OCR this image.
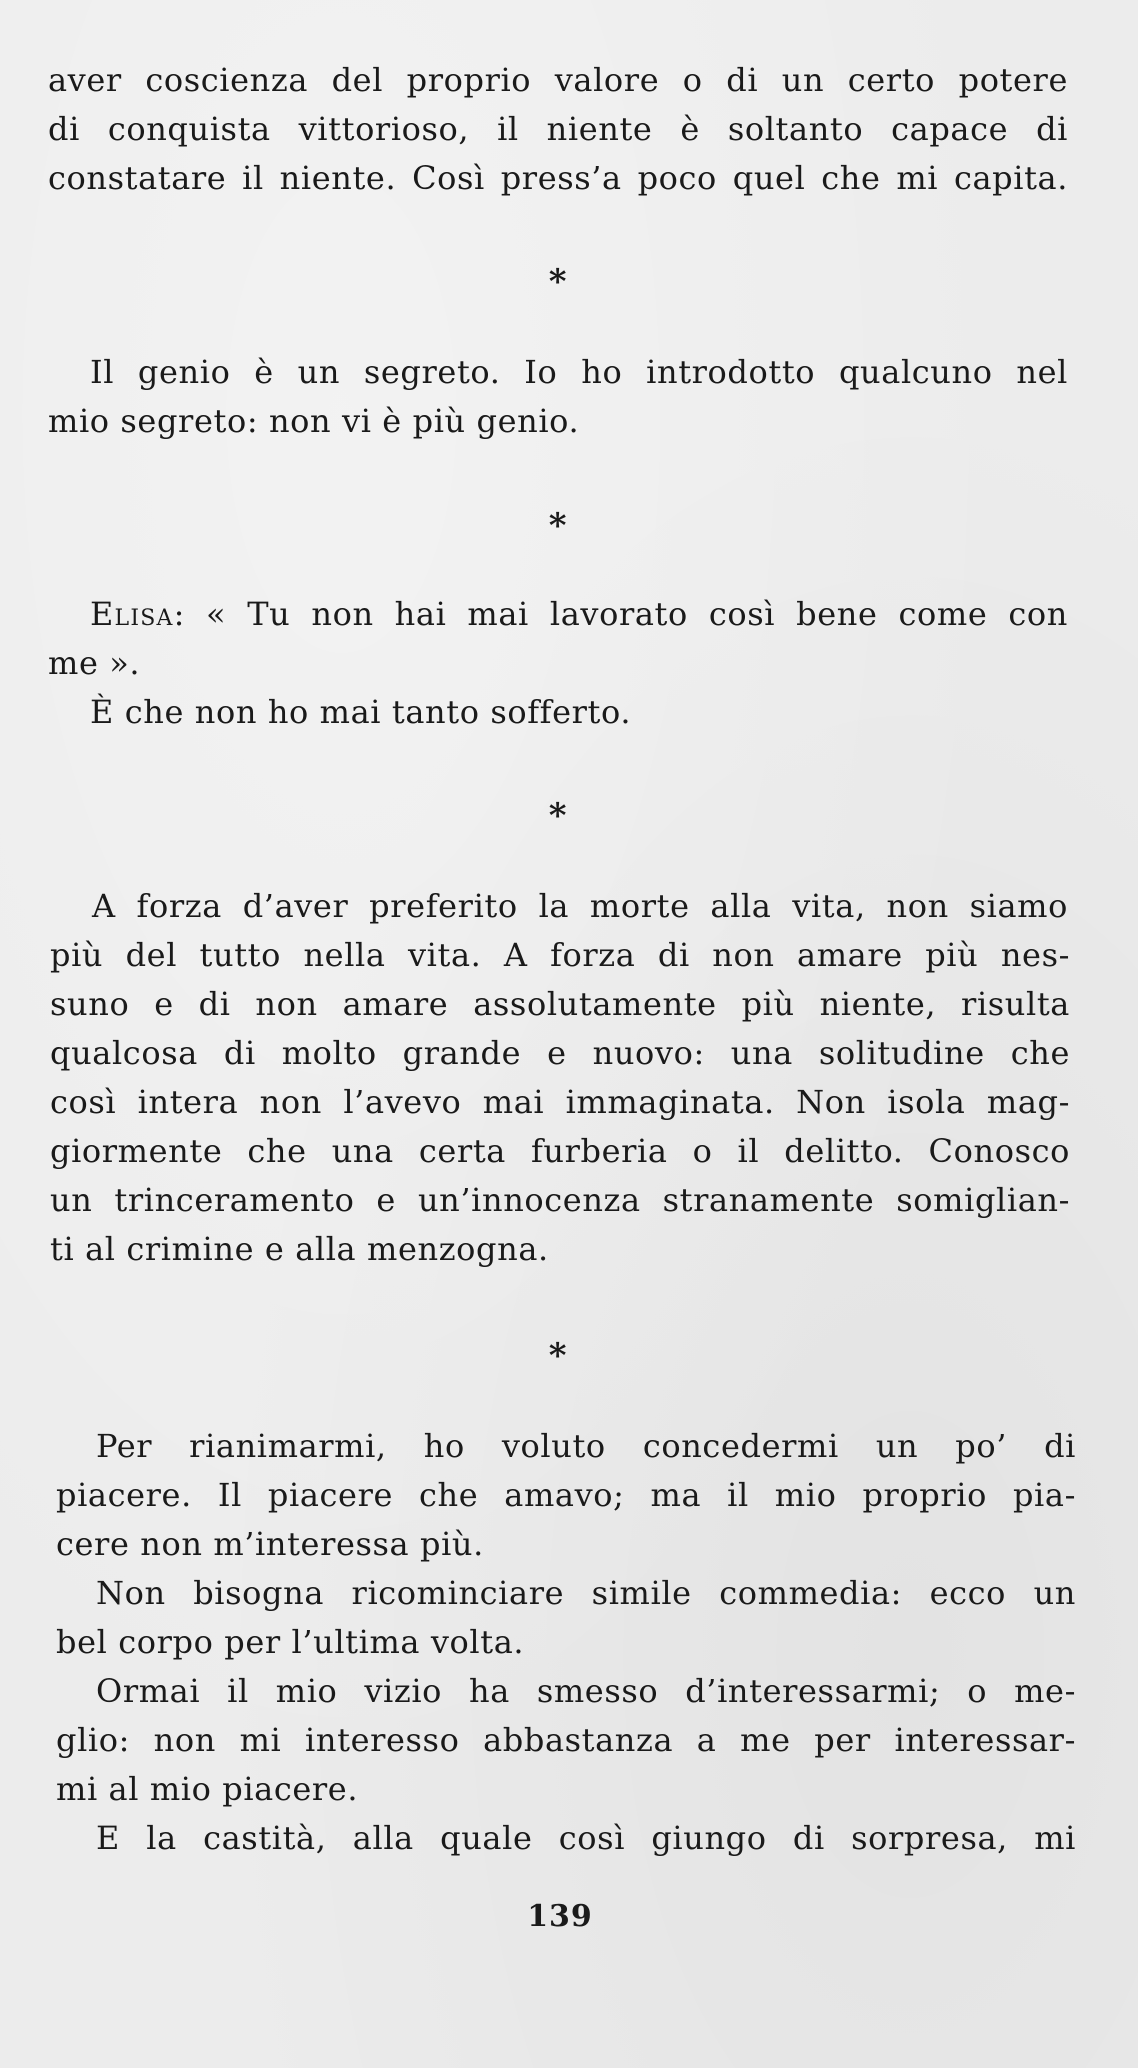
aver coscienza del proprio valore o di un certo potere
di conquista vittorioso, il niente è soltanto capace di
constatare il niente. Così press’a poco quel che mi capita.
*
Il genio è un segreto. Io ho introdotto qualcuno nel
mio segreto: non vi è più genio.
*
Elisa : « Tu non hai mai lavorato così bene come con
me ».
È che non ho mai tanto sofferto.
*
A forza d’aver preferito la morte alla vita, non siamo
più del tutto nella vita. A forza di non amare più nes-
suno e di non amare assolutamente più niente, risulta
qualcosa di molto grande e nuovo: una solitudine che
così intera non l’avevo mai immaginata. Non isola mag-
giormente che una certa furberia o il delitto. Conosco
un trinceramento e un’innocenza stranamente somiglian-
ti al crimine e alla menzogna.
*
Per rianimarmi, ho voluto concedermi un po’ di
piacere. Il piacere che amavo; ma il mio proprio pia-
cere non m’interessa più.
Non bisogna ricominciare simile commedia: ecco un
bel corpo per l’ultima volta.
Ormai il mio vizio ha smesso d’interessarmi; o me-
glio: non mi interesso abbastanza a me per interessar-
mi al mio piacere.
E la castità, alla quale così giungo di sorpresa, mi
139
